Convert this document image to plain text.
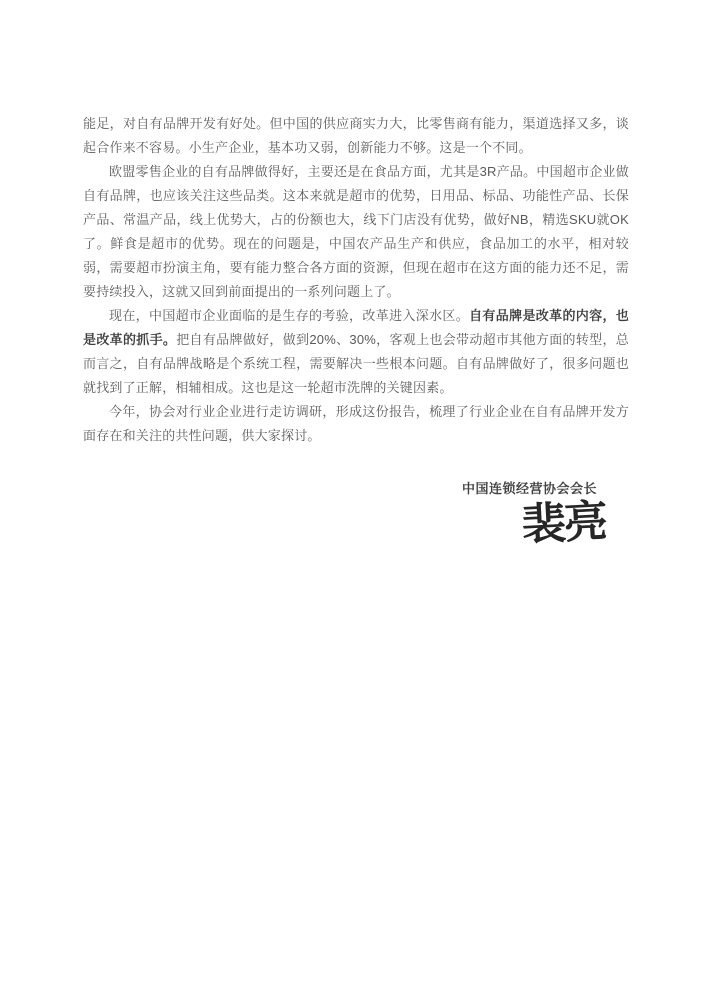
能足，对自有品牌开发有好处。但中国的供应商实力大，比零售商有能力，渠道选择又多，谈起合作来不容易。小生产企业，基本功又弱，创新能力不够。这是一个不同。

欧盟零售企业的自有品牌做得好，主要还是在食品方面，尤其是3R产品。中国超市企业做自有品牌，也应该关注这些品类。这本来就是超市的优势，日用品、标品、功能性产品、长保产品、常温产品，线上优势大，占的份额也大，线下门店没有优势，做好NB，精选SKU就OK了。鲜食是超市的优势。现在的问题是，中国农产品生产和供应，食品加工的水平，相对较弱，需要超市扮演主角，要有能力整合各方面的资源，但现在超市在这方面的能力还不足，需要持续投入，这就又回到前面提出的一系列问题上了。

现在，中国超市企业面临的是生存的考验，改革进入深水区。自有品牌是改革的内容，也是改革的抓手。把自有品牌做好，做到20%、30%，客观上也会带动超市其他方面的转型，总而言之，自有品牌战略是个系统工程，需要解决一些根本问题。自有品牌做好了，很多问题也就找到了正解，相辅相成。这也是这一轮超市洗牌的关键因素。

今年，协会对行业企业进行走访调研，形成这份报告，梳理了行业企业在自有品牌开发方面存在和关注的共性问题，供大家探讨。

中国连锁经营协会会长
裴亮
